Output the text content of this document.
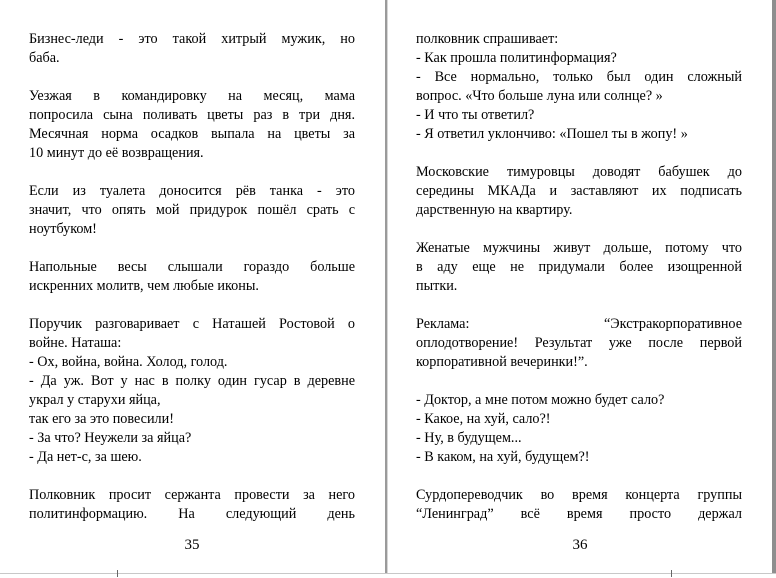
Бизнес-леди - это такой хитрый мужик, но
баба.
Уезжая в командировку на месяц, мама
попросила сына поливать цветы раз в три дня.
Месячная норма осадков выпала на цветы за
10 минут до её возвращения.
Если из туалета доносится рёв танка - это
значит, что опять мой придурок пошёл срать с
ноутбуком!
Напольные весы слышали гораздо больше
искренних молитв, чем любые иконы.
Поручик разговаривает с Наташей Ростовой о
войне. Наташа:
- Ох, война, война. Холод, голод.
- Да уж. Вот у нас в полку один гусар в деревне
украл у старухи яйца,
так его за это повесили!
- За что? Неужели за яйца?
- Да нет-с, за шею.
Полковник просит сержанта провести за него
политинформацию. На следующий день
35
полковник спрашивает:
- Как прошла политинформация?
- Все нормально, только был один сложный
вопрос. «Что больше луна или солнце? »
- И что ты ответил?
- Я ответил уклончиво: «Пошел ты в жопу! »
Московские тимуровцы доводят бабушек до
середины МКАДа и заставляют их подписать
дарственную на квартиру.
Женатые мужчины живут дольше, потому что
в аду еще не придумали более изощренной
пытки.
Реклама: “Экстракорпоративное
оплодотворение! Результат уже после первой
корпоративной вечеринки!”.
- Доктор, а мне потом можно будет сало?
- Какое, на хуй, сало?!
- Ну, в будущем...
- В каком, на хуй, будущем?!
Сурдопереводчик во время концерта группы
“Ленинград” всё время просто держал
36
